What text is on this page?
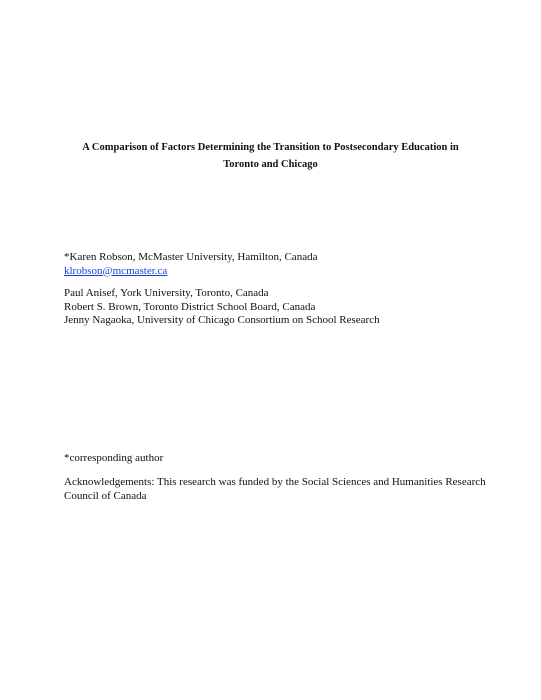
A Comparison of Factors Determining the Transition to Postsecondary Education in
Toronto and Chicago
*Karen Robson, McMaster University, Hamilton, Canada
klrobson@mcmaster.ca
Paul Anisef, York University, Toronto, Canada
Robert S. Brown, Toronto District School Board, Canada
Jenny Nagaoka, University of Chicago Consortium on School Research
*corresponding author
Acknowledgements: This research was funded by the Social Sciences and Humanities Research
Council of Canada
